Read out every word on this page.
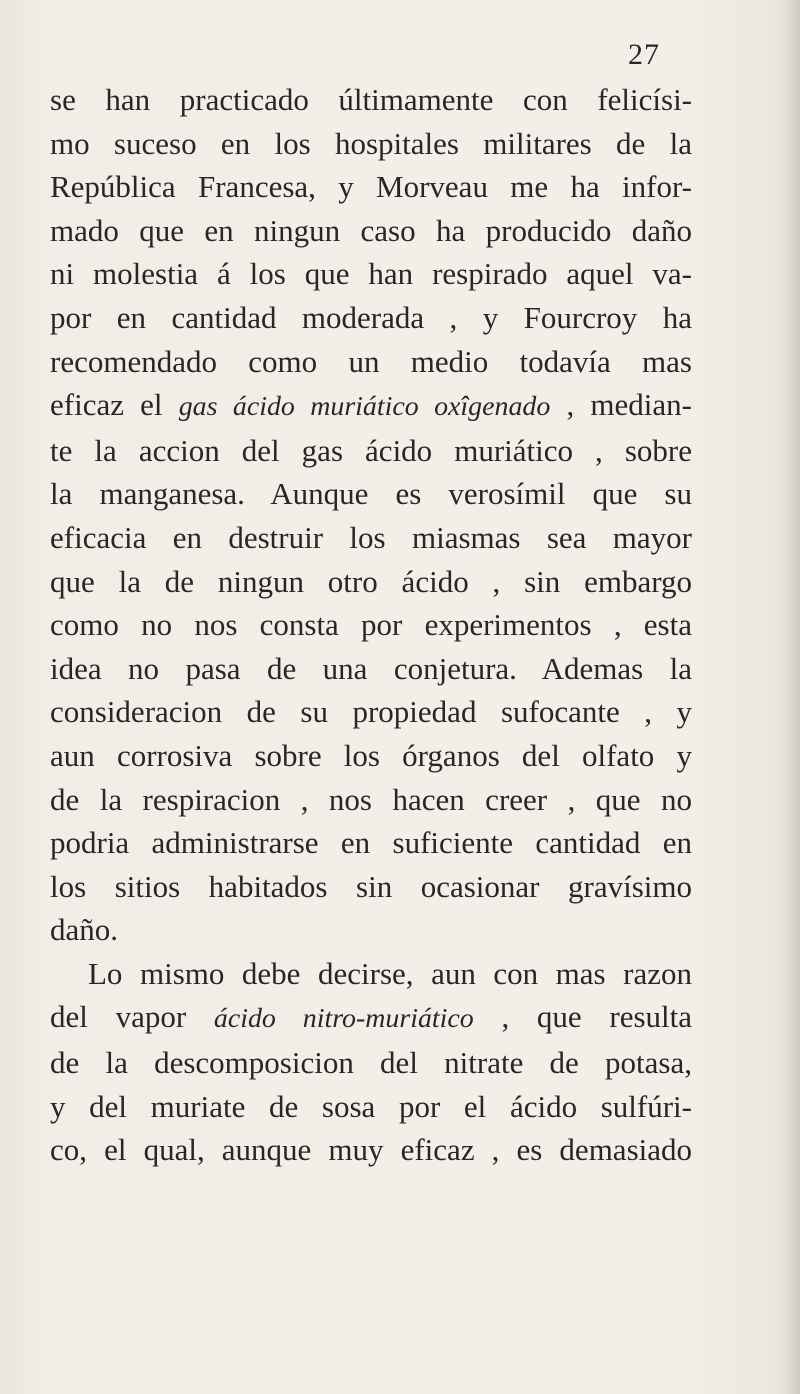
27
se han practicado últimamente con felicísi-
mo suceso en los hospitales militares de la
República Francesa, y Morveau me ha infor-
mado que en ningun caso ha producido daño
ni molestia á los que han respirado aquel va-
por en cantidad moderada , y Fourcroy ha
recomendado como un medio todavía mas
eficaz el gas ácido muriático oxîgenado , median-
te la accion del gas ácido muriático , sobre
la manganesa. Aunque es verosímil que su
eficacia en destruir los miasmas sea mayor
que la de ningun otro ácido , sin embargo
como no nos consta por experimentos , esta
idea no pasa de una conjetura. Ademas la
consideracion de su propiedad sufocante , y
aun corrosiva sobre los órganos del olfato y
de la respiracion , nos hacen creer , que no
podria administrarse en suficiente cantidad en
los sitios habitados sin ocasionar gravísimo
daño.
Lo mismo debe decirse, aun con mas razon
del vapor ácido nitro-muriático , que resulta
de la descomposicion del nitrate de potasa,
y del muriate de sosa por el ácido sulfúri-
co, el qual, aunque muy eficaz , es demasiado
